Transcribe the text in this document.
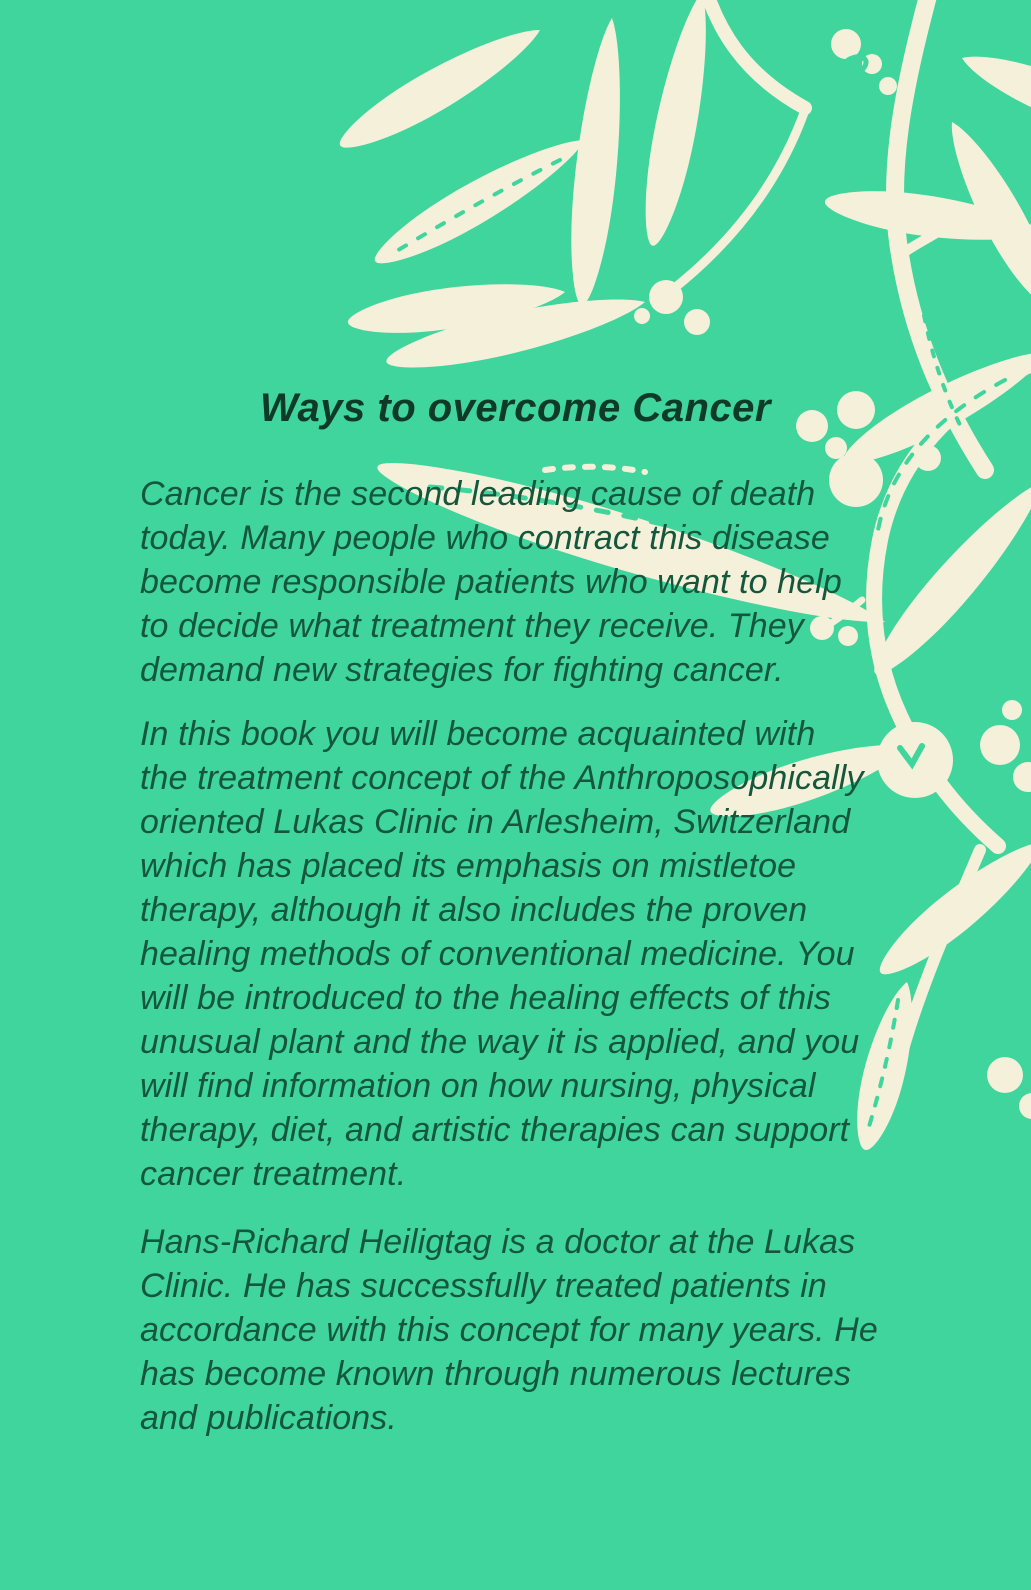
Ways to overcome Cancer
Cancer is the second leading cause of death
today. Many people who contract this disease
become responsible patients who want to help
to decide what treatment they receive. They
demand new strategies for fighting cancer.
In this book you will become acquainted with
the treatment concept of the Anthroposophically
oriented Lukas Clinic in Arlesheim, Switzerland
which has placed its emphasis on mistletoe
therapy, although it also includes the proven
healing methods of conventional medicine. You
will be introduced to the healing effects of this
unusual plant and the way it is applied, and you
will find information on how nursing, physical
therapy, diet, and artistic therapies can support
cancer treatment.
Hans-Richard Heiligtag is a doctor at the Lukas
Clinic. He has successfully treated patients in
accordance with this concept for many years. He
has become known through numerous lectures
and publications.
